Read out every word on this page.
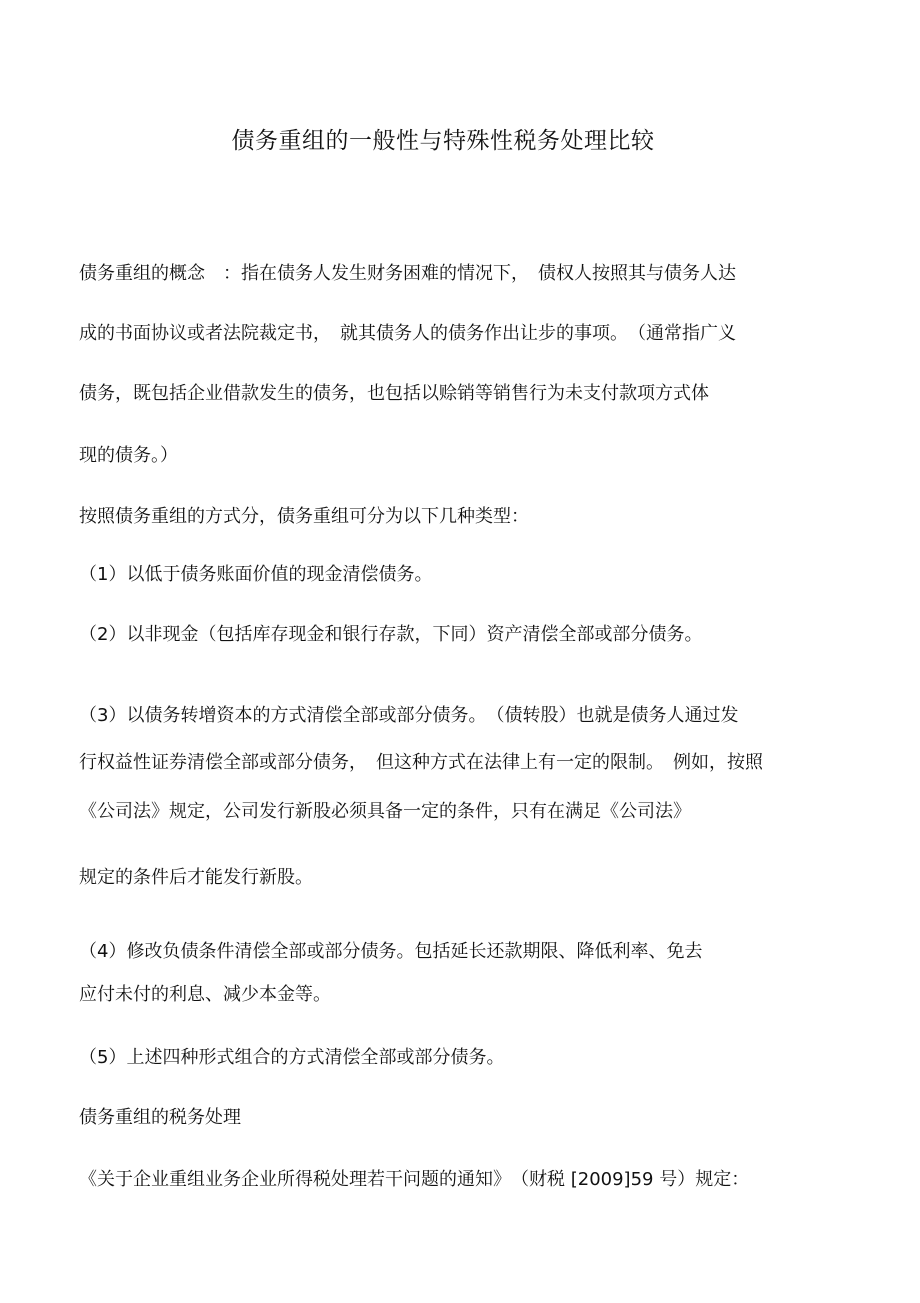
债务重组的一般性与特殊性税务处理比较
债务重组的概念　：指在债务人发生财务困难的情况下，　债权人按照其与债务人达
成的书面协议或者法院裁定书，　就其债务人的债务作出让步的事项。　（通常指广义
债务，既包括企业借款发生的债务，也包括以赊销等销售行为未支付款项方式体
现的债务。）
按照债务重组的方式分，债务重组可分为以下几种类型：
（1）以低于债务账面价值的现金清偿债务。
（2）以非现金（包括库存现金和银行存款，下同）资产清偿全部或部分债务。
（3）以债务转增资本的方式清偿全部或部分债务。　（债转股）也就是债务人通过发
行权益性证券清偿全部或部分债务，　但这种方式在法律上有一定的限制。　例如，按照
《公司法》规定，公司发行新股必须具备一定的条件，只有在满足《公司法》
规定的条件后才能发行新股。
（4）修改负债条件清偿全部或部分债务。包括延长还款期限、降低利率、免去
应付未付的利息、减少本金等。
（5）上述四种形式组合的方式清偿全部或部分债务。
债务重组的税务处理
《关于企业重组业务企业所得税处理若干问题的通知》　（财税 [2009]59 号）规定：
